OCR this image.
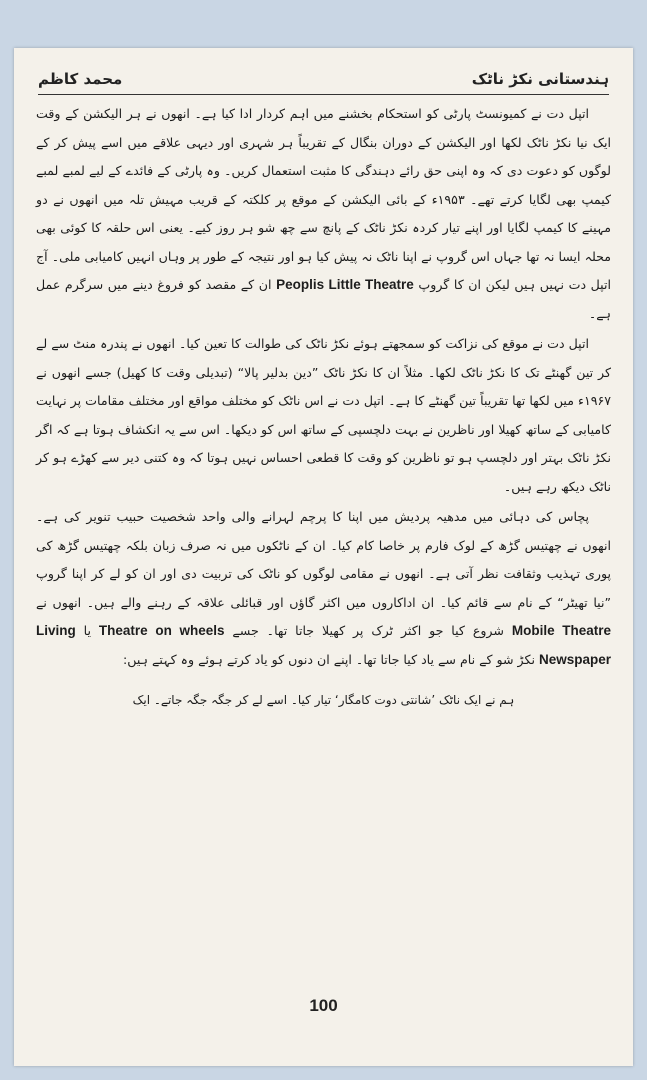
ہندستانی نکڑ ناٹک
محمد کاظم

اتپل دت نے کمیونسٹ پارٹی کو استحکام بخشنے میں اہم کردار ادا کیا ہے۔ انھوں نے ہر الیکشن کے وقت ایک نیا نکڑ ناٹک لکھا اور الیکشن کے دوران بنگال کے تقریباً ہر شہری اور دیہی علاقے میں اسے پیش کر کے لوگوں کو دعوت دی کہ وہ اپنی حق رائے دہندگی کا مثبت استعمال کریں۔ وہ پارٹی کے فائدے کے لیے لمبے لمبے کیمپ بھی لگایا کرتے تھے۔ ۱۹۵۳ء کے بائی الیکشن کے موقع پر کلکتہ کے قریب مہیش تلہ میں انھوں نے دو مہینے کا کیمپ لگایا اور اپنے تیار کردہ نکڑ ناٹک کے پانچ سے چھ شو ہر روز کیے۔ یعنی اس حلقہ کا کوئی بھی محلہ ایسا نہ تھا جہاں اس گروپ نے اپنا ناٹک نہ پیش کیا ہو اور نتیجہ کے طور پر وہاں انہیں کامیابی ملی۔ آج اتپل دت نہیں ہیں لیکن ان کا گروپ Peoplis Little Theatre ان کے مقصد کو فروغ دینے میں سرگرم عمل ہے۔

اتپل دت نے موقع کی نزاکت کو سمجھتے ہوئے نکڑ ناٹک کی طوالت کا تعین کیا۔ انھوں نے پندرہ منٹ سے لے کر تین گھنٹے تک کا نکڑ ناٹک لکھا۔ مثلاً ان کا نکڑ ناٹک ”دین بدلیر پالا“ (تبدیلی وقت کا کھیل) جسے انھوں نے ۱۹۶۷ء میں لکھا تھا تقریباً تین گھنٹے کا ہے۔ اتپل دت نے اس ناٹک کو مختلف مواقع اور مختلف مقامات پر نہایت کامیابی کے ساتھ کھیلا اور ناظرین نے بہت دلچسپی کے ساتھ اس کو دیکھا۔ اس سے یہ انکشاف ہوتا ہے کہ اگر نکڑ ناٹک بہتر اور دلچسپ ہو تو ناظرین کو وقت کا قطعی احساس نہیں ہوتا کہ وہ کتنی دیر سے کھڑے ہو کر ناٹک دیکھ رہے ہیں۔

پچاس کی دہائی میں مدھیہ پردیش میں اپنا کا پرچم لہرانے والی واحد شخصیت حبیب تنویر کی ہے۔ انھوں نے چھتیس گڑھ کے لوک فارم پر خاصا کام کیا۔ ان کے ناٹکوں میں نہ صرف زبان بلکہ چھتیس گڑھ کی پوری تہذیب وثقافت نظر آتی ہے۔ انھوں نے مقامی لوگوں کو ناٹک کی تربیت دی اور ان کو لے کر اپنا گروپ ”نیا تھیٹر“ کے نام سے قائم کیا۔ ان اداکاروں میں اکثر گاؤں اور قبائلی علاقہ کے رہنے والے ہیں۔ انھوں نے Mobile Theatre شروع کیا جو اکثر ٹرک پر کھیلا جاتا تھا۔ جسے Theatre on wheels یا Living Newspaper نکڑ شو کے نام سے یاد کیا جاتا تھا۔ اپنے ان دنوں کو یاد کرتے ہوئے وہ کہتے ہیں:

ہم نے ایک ناٹک ’شانتی دوت کامگار‘ تیار کیا۔ اسے لے کر جگہ جگہ جاتے۔ ایک

100
